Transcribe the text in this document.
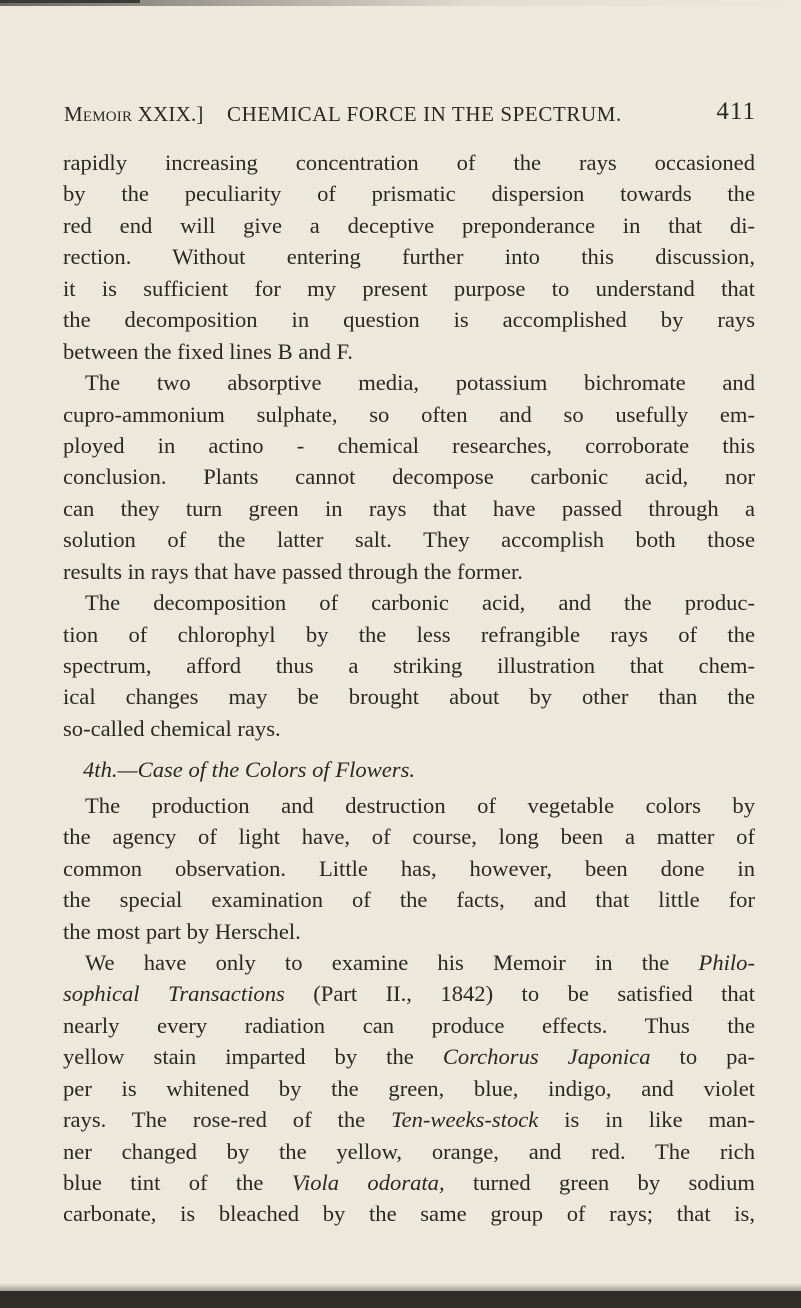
Memoir XXIX.] CHEMICAL FORCE IN THE SPECTRUM.	411
rapidly increasing concentration of the rays occasioned
by the peculiarity of prismatic dispersion towards the
red end will give a deceptive preponderance in that di-
rection. Without entering further into this discussion,
it is sufficient for my present purpose to understand that
the decomposition in question is accomplished by rays
between the fixed lines B and F.
The two absorptive media, potassium bichromate and
cupro-ammonium sulphate, so often and so usefully em-
ployed in actino - chemical researches, corroborate this
conclusion. Plants cannot decompose carbonic acid, nor
can they turn green in rays that have passed through a
solution of the latter salt. They accomplish both those
results in rays that have passed through the former.
The decomposition of carbonic acid, and the produc-
tion of chlorophyl by the less refrangible rays of the
spectrum, afford thus a striking illustration that chem-
ical changes may be brought about by other than the
so-called chemical rays.
4th.—Case of the Colors of Flowers.
The production and destruction of vegetable colors by
the agency of light have, of course, long been a matter of
common observation. Little has, however, been done in
the special examination of the facts, and that little for
the most part by Herschel.
We have only to examine his Memoir in the Philo-
sophical Transactions (Part II., 1842) to be satisfied that
nearly every radiation can produce effects. Thus the
yellow stain imparted by the Corchorus Japonica to pa-
per is whitened by the green, blue, indigo, and violet
rays. The rose-red of the Ten-weeks-stock is in like man-
ner changed by the yellow, orange, and red. The rich
blue tint of the Viola odorata, turned green by sodium
carbonate, is bleached by the same group of rays; that is,
